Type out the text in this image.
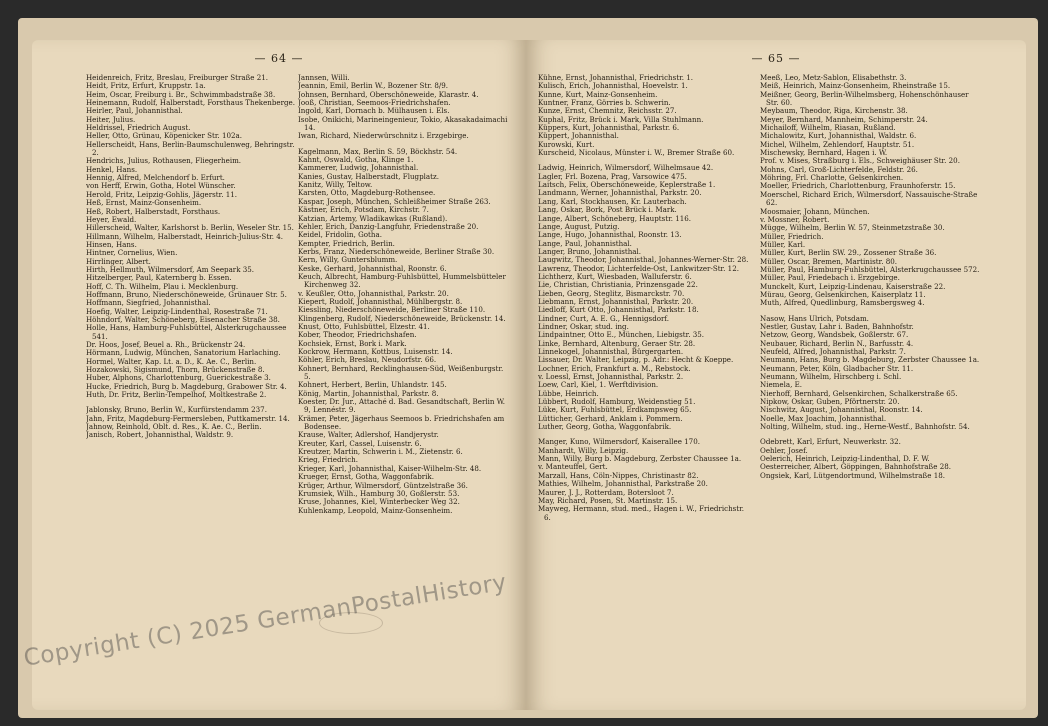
— 64 —
Heidenreich, Fritz, Breslau, Freiburger Straße 21.
Heidt, Fritz, Erfurt, Kruppstr. 1a.
Heim, Oscar, Freiburg i. Br., Schwimmbadstraße 38.
Heinemann, Rudolf, Halberstadt, Forsthaus Thekenberge.
Heirler, Paul, Johannisthal.
Heiter, Julius.
Heldrissel, Friedrich August.
Heller, Otto, Grünau, Köpenicker Str. 102a.
Hellerscheidt, Hans, Berlin-Baumschulenweg, Behringstr. 2.
Hendrichs, Julius, Rothausen, Fliegerheim.
Henkel, Hans.
Hennig, Alfred, Melchendorf b. Erfurt.
von Herff, Erwin, Gotha, Hotel Wünscher.
Herold, Fritz, Leipzig-Gohlis, Jägerstr. 11.
Heß, Ernst, Mainz-Gonsenheim.
Heß, Robert, Halberstadt, Forsthaus.
Heyer, Ewald.
Hillerscheid, Walter, Karlshorst b. Berlin, Weseler Str. 15.
Hillmann, Wilhelm, Halberstadt, Heinrich-Julius-Str. 4.
Hinsen, Hans.
Hintner, Cornelius, Wien.
Hirrlinger, Albert.
Hirth, Hellmuth, Wilmersdorf, Am Seepark 35.
Hitzelberger, Paul, Katernberg b. Essen.
Hoff, C. Th. Wilhelm, Plau i. Mecklenburg.
Hoffmann, Bruno, Niederschöneweide, Grünauer Str. 5.
Hoffmann, Siegfried, Johannisthal.
Hoefig, Walter, Leipzig-Lindenthal, Rosestraße 71.
Höhndorf, Walter, Schöneberg, Eisenacher Straße 38.
Holle, Hans, Hamburg-Fuhlsbüttel, Alsterkrugchaussee 541.
Dr. Hoos, Josef, Beuel a. Rh., Brückenstr 24.
Hörmann, Ludwig, München, Sanatorium Harlaching.
Hormel, Walter, Kap. Lt. a. D., K. Ae. C., Berlin.
Hozakowski, Sigismund, Thorn, Brückenstraße 8.
Huber, Alphons, Charlottenburg, Guerickestraße 3.
Hucke, Friedrich, Burg b. Magdeburg, Grabower Str. 4.
Huth, Dr. Fritz, Berlin-Tempelhof, Moltkestraße 2.
Jablonsky, Bruno, Berlin W., Kurfürstendamm 237.
Jahn, Fritz, Magdeburg-Fermersleben, Puttkamerstr. 14.
Jahnow, Reinhold, Oblt. d. Res., K. Ae. C., Berlin.
Janisch, Robert, Johannisthal, Waldstr. 9.
Jannsen, Willi.
Jeannin, Emil, Berlin W., Bozener Str. 8/9.
Johnsen, Bernhard, Oberschöneweide, Klarastr. 4.
Jooß, Christian, Seemoos-Friedrichshafen.
Ingold, Karl, Dornach b. Mülhausen i. Els.
Isobe, Onikichi, Marineingenieur, Tokio, Akasakadaimachi 14.
Iwan, Richard, Niederwürschnitz i. Erzgebirge.
Kagelmann, Max, Berlin S. 59, Böckhstr. 54.
Kahnt, Oswald, Gotha, Klinge 1.
Kammerer, Ludwig, Johannisthal.
Kanies, Gustav, Halberstadt, Flugplatz.
Kanitz, Willy, Teltow.
Karsten, Otto, Magdeburg-Rothensee.
Kaspar, Joseph, München, Schleißheimer Straße 263.
Kästner, Erich, Potsdam, Kirchstr. 7.
Katzian, Artemy, Wladikawkas (Rußland).
Kehler, Erich, Danzig-Langfuhr, Friedenstraße 20.
Keidel, Fridolin, Gotha.
Kempter, Friedrich, Berlin.
Kerbs, Franz, Niederschöneweide, Berliner Straße 30.
Kern, Willy, Guntersblumm.
Keske, Gerhard, Johannisthal, Roonstr. 6.
Keuch, Albrecht, Hamburg-Fuhlsbüttel, Hummelsbütteler Kirchenweg 32.
v. Keußler, Otto, Johannisthal, Parkstr. 20.
Kiepert, Rudolf, Johannisthal, Mühlbergstr. 8.
Kiessling, Niederschöneweide, Berliner Straße 110.
Klingenberg, Rudolf, Niederschöneweide, Brückenstr. 14.
Knust, Otto, Fuhlsbüttel, Elzestr. 41.
Kober, Theodor, Friedrichshafen.
Kochsiek, Ernst, Bork i. Mark.
Kockrow, Hermann, Kottbus, Luisenstr. 14.
Köhler, Erich, Breslau, Neudorfstr. 66.
Kohnert, Bernhard, Recklinghausen-Süd, Weißenburgstr. 5.
Kohnert, Herbert, Berlin, Uhlandstr. 145.
König, Martin, Johannisthal, Parkstr. 8.
Koester, Dr. Jur., Attaché d. Bad. Gesandtschaft, Berlin W. 9, Lennéstr. 9.
Krämer, Peter, Jägerhaus Seemoos b. Friedrichshafen am Bodensee.
Krause, Walter, Adlershof, Handjerystr.
Kreuter, Karl, Cassel, Luisenstr. 6.
Kreutzer, Martin, Schwerin i. M., Zietenstr. 6.
Krieg, Friedrich.
Krieger, Karl, Johannisthal, Kaiser-Wilhelm-Str. 48.
Krueger, Ernst, Gotha, Waggonfabrik.
Krüger, Arthur, Wilmersdorf, Güntzelstraße 36.
Krumsiek, Wilh., Hamburg 30, Goßlerstr. 53.
Kruse, Johannes, Kiel, Winterbecker Weg 32.
Kuhlenkamp, Leopold, Mainz-Gonsenheim.
— 65 —
Kühne, Ernst, Johannisthal, Friedrichstr. 1.
Kulisch, Erich, Johannisthal, Hoevelstr. 1.
Kunne, Kurt, Mainz-Gonsenheim.
Kuntner, Franz, Görries b. Schwerin.
Kunze, Ernst, Chemnitz, Reichsstr. 27.
Kuphal, Fritz, Brück i. Mark, Villa Stuhlmann.
Küppers, Kurt, Johannisthal, Parkstr. 6.
Küppert, Johannisthal.
Kurowski, Kurt.
Kurscheid, Nicolaus, Münster i. W., Bremer Straße 60.
Ladwig, Heinrich, Wilmersdorf, Wilhelmsaue 42.
Lagler, Frl. Bozena, Prag, Varsowice 475.
Laitsch, Felix, Oberschöneweide, Keplerstraße 1.
Landmann, Werner, Johannisthal, Parkstr. 20.
Lang, Karl, Stockhausen, Kr. Lauterbach.
Lang, Oskar, Bork, Post Brück i. Mark.
Lange, Albert, Schöneberg, Hauptstr. 116.
Lange, August, Putzig.
Lange, Hugo, Johannisthal, Roonstr. 13.
Lange, Paul, Johannisthal.
Langer, Bruno, Johannisthal.
Laugwitz, Theodor, Johannisthal, Johannes-Werner-Str. 28.
Lawrenz, Theodor, Lichterfelde-Ost, Lankwitzer-Str. 12.
Lichtherz, Kurt, Wiesbaden, Walluferstr. 6.
Lie, Christian, Christiania, Prinzensgade 22.
Lieben, Georg, Steglitz, Bismarckstr. 70.
Liebmann, Ernst, Johannisthal, Parkstr. 20.
Liedloff, Kurt Otto, Johannisthal, Parkstr. 18.
Lindner, Curt, A. E. G., Hennigsdorf.
Lindner, Oskar, stud. ing.
Lindpaintner, Otto E., München, Liebigstr. 35.
Linke, Bernhard, Altenburg, Geraer Str. 28.
Linnekogel, Johannisthal, Bürgergarten.
Lissauer, Dr. Walter, Leipzig, p. Adr.: Hecht & Koeppe.
Lochner, Erich, Frankfurt a. M., Rebstock.
v. Loessl, Ernst, Johannisthal, Parkstr. 2.
Loew, Carl, Kiel, 1. Werftdivision.
Lübbe, Heinrich.
Lübbert, Rudolf, Hamburg, Weidenstieg 51.
Lüke, Kurt, Fuhlsbüttel, Erdkampsweg 65.
Lütticher, Gerhard, Anklam i. Pommern.
Luther, Georg, Gotha, Waggonfabrik.
Manger, Kuno, Wilmersdorf, Kaiserallee 170.
Manhardt, Willy, Leipzig.
Mann, Willy, Burg b. Magdeburg, Zerbster Chaussee 1a.
v. Manteuffel, Gert.
Marzall, Hans, Cöln-Nippes, Christinastr 82.
Mathies, Wilhelm, Johannisthal, Parkstraße 20.
Maurer, J. J., Rotterdam, Botersloot 7.
May, Richard, Posen, St. Martinstr. 15.
Mayweg, Hermann, stud. med., Hagen i. W., Friedrichstr. 6.
Meeß, Leo, Metz-Sablon, Elisabethstr. 3.
Meiß, Heinrich, Mainz-Gonsenheim, Rheinstraße 15.
Meißner, Georg, Berlin-Wilhelmsberg, Hohenschönhauser Str. 60.
Meybaum, Theodor, Riga, Kirchenstr. 38.
Meyer, Bernhard, Mannheim, Schimperstr. 24.
Michailoff, Wilhelm, Riasan, Rußland.
Michalowitz, Kurt, Johannisthal, Waldstr. 6.
Michel, Wilhelm, Zehlendorf, Hauptstr. 51.
Mischewsky, Bernhard, Hagen i. W.
Prof. v. Mises, Straßburg i. Els., Schweighäuser Str. 20.
Mohns, Carl, Groß-Lichterfelde, Feldstr. 26.
Möhring, Frl. Charlotte, Gelsenkirchen.
Moeller, Friedrich, Charlottenburg, Fraunhoferstr. 15.
Moerschel, Richard Erich, Wilmersdorf, Nassauische-Straße 62.
Moosmaier, Johann, München.
v. Mossner, Robert.
Mügge, Wilhelm, Berlin W. 57, Steinmetzstraße 30.
Müller, Friedrich.
Müller, Karl.
Müller, Kurt, Berlin SW. 29., Zossener Straße 36.
Müller, Oscar, Bremen, Martinistr. 80.
Müller, Paul, Hamburg-Fuhlsbüttel, Alsterkrugchaussee 572.
Müller, Paul, Friedebach i. Erzgebirge.
Munckelt, Kurt, Leipzig-Lindenau, Kaiserstraße 22.
Mürau, Georg, Gelsenkirchen, Kaiserplatz 11.
Muth, Alfred, Quedlinburg, Ramsbergsweg 4.
Nasow, Hans Ulrich, Potsdam.
Nestler, Gustav, Lahr i. Baden, Bahnhofstr.
Netzow, Georg, Wandsbek, Goßlerstr. 67.
Neubauer, Richard, Berlin N., Barfusstr. 4.
Neufeld, Alfred, Johannisthal, Parkstr. 7.
Neumann, Hans, Burg b. Magdeburg, Zerbster Chaussee 1a.
Neumann, Peter, Köln, Gladbacher Str. 11.
Neumann, Wilhelm, Hirschberg i. Schl.
Niemela, E.
Nierhoff, Bernhard, Gelsenkirchen, Schalkerstraße 65.
Nipkow, Oskar, Guben, Pförtnerstr. 20.
Nischwitz, August, Johannisthal, Roonstr. 14.
Noelle, Max Joachim, Johannisthal.
Nolting, Wilhelm, stud. ing., Herne-Westf., Bahnhofstr. 54.
Odebrett, Karl, Erfurt, Neuwerkstr. 32.
Oehler, Josef.
Oelerich, Heinrich, Leipzig-Lindenthal, D. F. W.
Oesterreicher, Albert, Göppingen, Bahnhofstraße 28.
Ongsiek, Karl, Lütgendortmund, Wilhelmstraße 18.
Copyright (C) 2025 GermanPostalHistory
